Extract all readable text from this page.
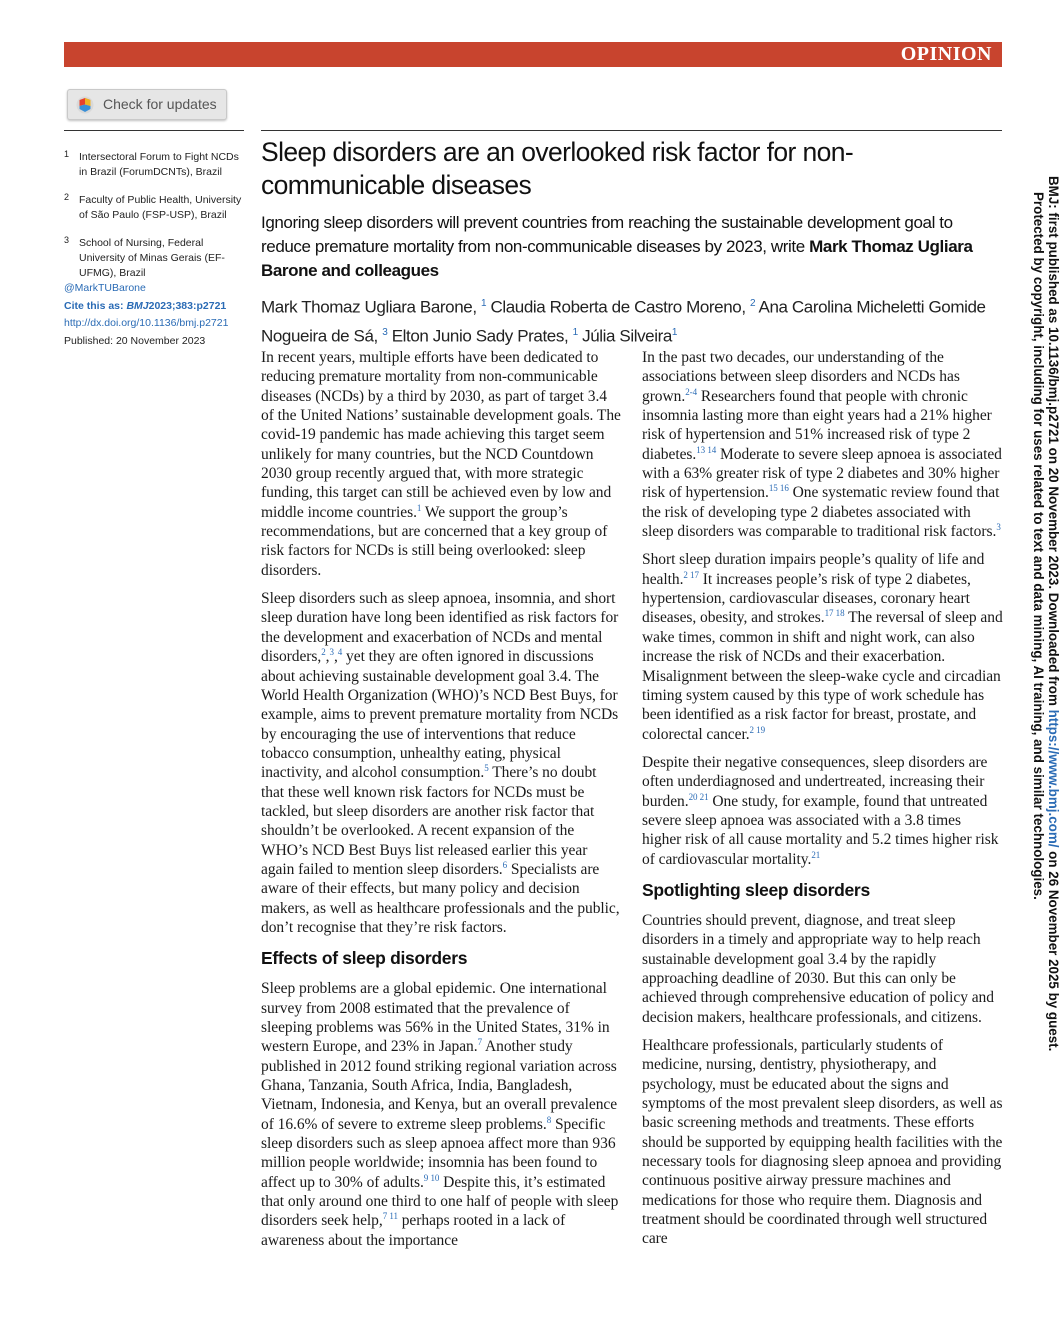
OPINION
Check for updates
1 Intersectoral Forum to Fight NCDs in Brazil (ForumDCNTs), Brazil
2 Faculty of Public Health, University of São Paulo (FSP-USP), Brazil
3 School of Nursing, Federal University of Minas Gerais (EF-UFMG), Brazil
@MarkTUBarone
Cite this as: BMJ2023;383:p2721
http://dx.doi.org/10.1136/bmj.p2721
Published: 20 November 2023
Sleep disorders are an overlooked risk factor for non-communicable diseases

Ignoring sleep disorders will prevent countries from reaching the sustainable development goal to reduce premature mortality from non-communicable diseases by 2023, write Mark Thomaz Ugliara Barone and colleagues

Mark Thomaz Ugliara Barone, $^1$ Claudia Roberta de Castro Moreno, $^2$ Ana Carolina Micheletti Gomide Nogueira de Sá, $^3$ Elton Junio Sady Prates, $^1$ Júlia Silveira$^1$

In recent years, multiple efforts have been dedicated to reducing premature mortality from non-communicable diseases (NCDs) by a third by 2030, as part of target 3.4 of the United Nations’ sustainable development goals. The covid-19 pandemic has made achieving this target seem unlikely for many countries, but the NCD Countdown 2030 group recently argued that, with more strategic funding, this target can still be achieved even by low and middle income countries.$^1$ We support the group’s recommendations, but are concerned that a key group of risk factors for NCDs is still being overlooked: sleep disorders.

Sleep disorders such as sleep apnoea, insomnia, and short sleep duration have long been identified as risk factors for the development and exacerbation of NCDs and mental disorders,$^2$,$^3$,$^4$ yet they are often ignored in discussions about achieving sustainable development goal 3.4. The World Health Organization (WHO)’s NCD Best Buys, for example, aims to prevent premature mortality from NCDs by encouraging the use of interventions that reduce tobacco consumption, unhealthy eating, physical inactivity, and alcohol consumption.$^5$ There’s no doubt that these well known risk factors for NCDs must be tackled, but sleep disorders are another risk factor that shouldn’t be overlooked. A recent expansion of the WHO’s NCD Best Buys list released earlier this year again failed to mention sleep disorders.$^6$ Specialists are aware of their effects, but many policy and decision makers, as well as healthcare professionals and the public, don’t recognise that they’re risk factors.

Effects of sleep disorders

Sleep problems are a global epidemic. One international survey from 2008 estimated that the prevalence of sleeping problems was 56% in the United States, 31% in western Europe, and 23% in Japan.$^7$ Another study published in 2012 found striking regional variation across Ghana, Tanzania, South Africa, India, Bangladesh, Vietnam, Indonesia, and Kenya, but an overall prevalence of 16.6% of severe to extreme sleep problems.$^8$ Specific sleep disorders such as sleep apnoea affect more than 936 million people worldwide; insomnia has been found to affect up to 30% of adults.$^{9 10}$ Despite this, it’s estimated that only around one third to one half of people with sleep disorders seek help,$^{7 11}$ perhaps rooted in a lack of awareness about the importance

In the past two decades, our understanding of the associations between sleep disorders and NCDs has grown.$^{2-4}$ Researchers found that people with chronic insomnia lasting more than eight years had a 21% higher risk of hypertension and 51% increased risk of type 2 diabetes.$^{13 14}$ Moderate to severe sleep apnoea is associated with a 63% greater risk of type 2 diabetes and 30% higher risk of hypertension.$^{15 16}$ One systematic review found that the risk of developing type 2 diabetes associated with sleep disorders was comparable to traditional risk factors.$^3$

Short sleep duration impairs people’s quality of life and health.$^{2 17}$ It increases people’s risk of type 2 diabetes, hypertension, cardiovascular diseases, coronary heart diseases, obesity, and strokes.$^{17 18}$ The reversal of sleep and wake times, common in shift and night work, can also increase the risk of NCDs and their exacerbation. Misalignment between the sleep-wake cycle and circadian timing system caused by this type of work schedule has been identified as a risk factor for breast, prostate, and colorectal cancer.$^{2 19}$

Despite their negative consequences, sleep disorders are often underdiagnosed and undertreated, increasing their burden.$^{20 21}$ One study, for example, found that untreated severe sleep apnoea was associated with a 3.8 times higher risk of all cause mortality and 5.2 times higher risk of cardiovascular mortality.$^{21}$

Spotlighting sleep disorders

Countries should prevent, diagnose, and treat sleep disorders in a timely and appropriate way to help reach sustainable development goal 3.4 by the rapidly approaching deadline of 2030. But this can only be achieved through comprehensive education of policy and decision makers, healthcare professionals, and citizens.

Healthcare professionals, particularly students of medicine, nursing, dentistry, physiotherapy, and psychology, must be educated about the signs and symptoms of the most prevalent sleep disorders, as well as basic screening methods and treatments. These efforts should be supported by equipping health facilities with the necessary tools for diagnosing sleep apnoea and providing continuous positive airway pressure machines and medications for those who require them. Diagnosis and treatment should be coordinated through well structured care

BMJ: first published as 10.1136/bmj.p2721 on 20 November 2023. Downloaded from https://www.bmj.com/ on 26 November 2025 by guest.
Protected by copyright, including for uses related to text and data mining, AI training, and similar technologies.
